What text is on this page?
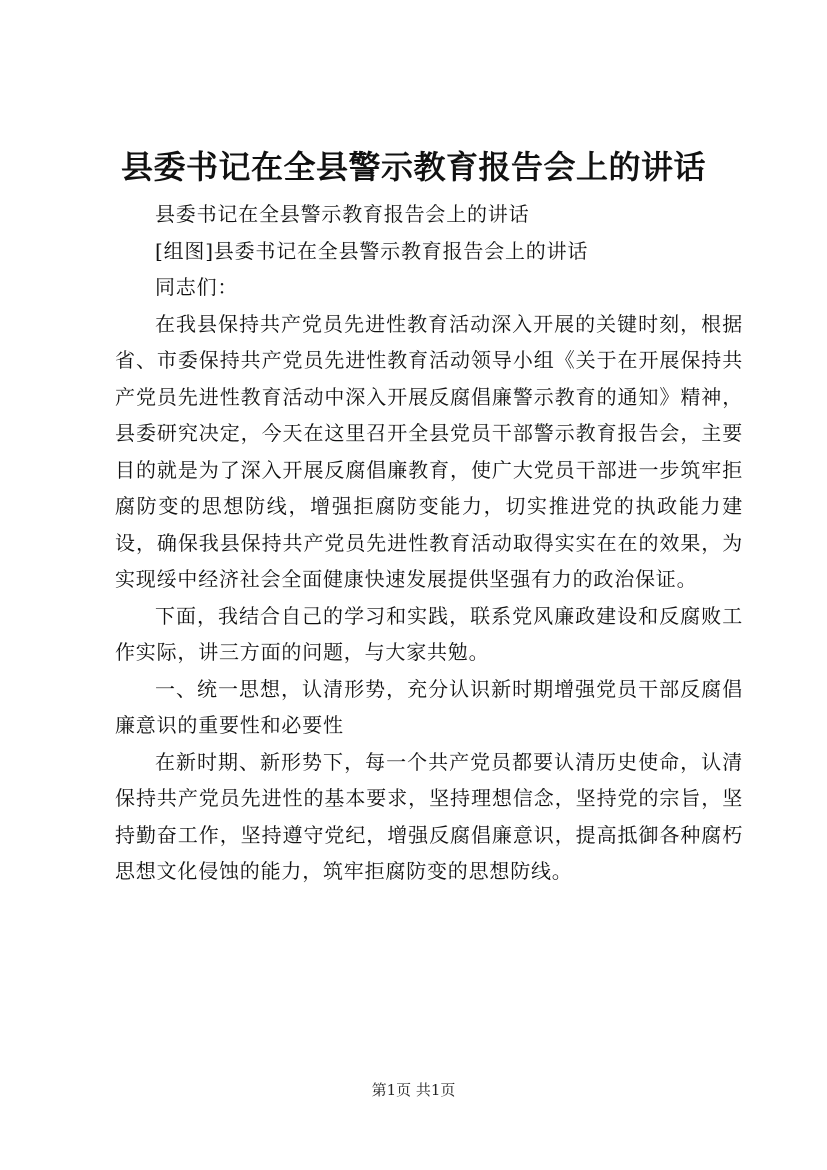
县委书记在全县警示教育报告会上的讲话

县委书记在全县警示教育报告会上的讲话

[组图]县委书记在全县警示教育报告会上的讲话

同志们：

在我县保持共产党员先进性教育活动深入开展的关键时刻，根据省、市委保持共产党员先进性教育活动领导小组《关于在开展保持共产党员先进性教育活动中深入开展反腐倡廉警示教育的通知》精神，县委研究决定，今天在这里召开全县党员干部警示教育报告会，主要目的就是为了深入开展反腐倡廉教育，使广大党员干部进一步筑牢拒腐防变的思想防线，增强拒腐防变能力，切实推进党的执政能力建设，确保我县保持共产党员先进性教育活动取得实实在在的效果，为实现绥中经济社会全面健康快速发展提供坚强有力的政治保证。

下面，我结合自己的学习和实践，联系党风廉政建设和反腐败工作实际，讲三方面的问题，与大家共勉。

一、统一思想，认清形势，充分认识新时期增强党员干部反腐倡廉意识的重要性和必要性

在新时期、新形势下，每一个共产党员都要认清历史使命，认清保持共产党员先进性的基本要求，坚持理想信念，坚持党的宗旨，坚持勤奋工作，坚持遵守党纪，增强反腐倡廉意识，提高抵御各种腐朽思想文化侵蚀的能力，筑牢拒腐防变的思想防线。

第1页 共1页
